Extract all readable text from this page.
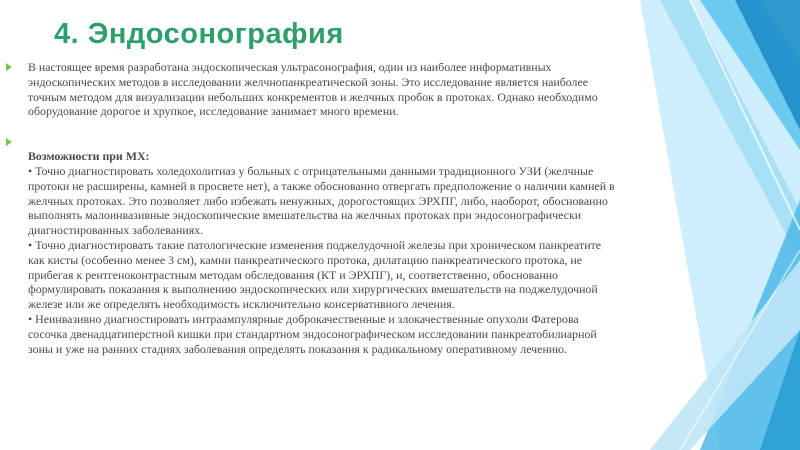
4. Эндосонография

В настоящее время разработана эндоскопическая ультрасонография, один из наиболее информативных эндоскопических методов в исследовании желчнопанкреатической зоны. Это исследование является наиболее точным методом для визуализации небольших конкрементов и желчных пробок в протоках. Однако необходимо оборудование дорогое и хрупкое, исследование занимает много времени.

Возможности при МХ:

• Точно диагностировать холедохолитиаз у больных с отрицательными данными традиционного УЗИ (желчные протоки не расширены, камней в просвете нет), а также обоснованно отвергать предположение о наличии камней в желчных протоках. Это позволяет либо избежать ненужных, дорогостоящих ЭРХПГ, либо, наоборот, обоснованно выполнять малоинвазивные эндоскопические вмешательства на желчных протоках при эндосонографически диагностированных заболеваниях.

• Точно диагностировать такие патологические изменения поджелудочной железы при хроническом панкреатите как кисты (особенно менее 3 см), камни панкреатического протока, дилатацию панкреатического протока, не прибегая к рентгеноконтрастным методам обследования (КТ и ЭРХПГ), и, соответственно, обоснованно формулировать показания к выполнению эндоскопических или хирургических вмешательств на поджелудочной железе или же определять необходимость исключительно консервативного лечения.

• Неинвазивно диагностировать интраампулярные доброкачественные и злокачественные опухоли Фатерова сосочка двенадцатиперстной кишки при стандартном эндосонографическом исследовании панкреатобилиарной зоны и уже на ранних стадиях заболевания определять показания к радикальному оперативному лечению.
